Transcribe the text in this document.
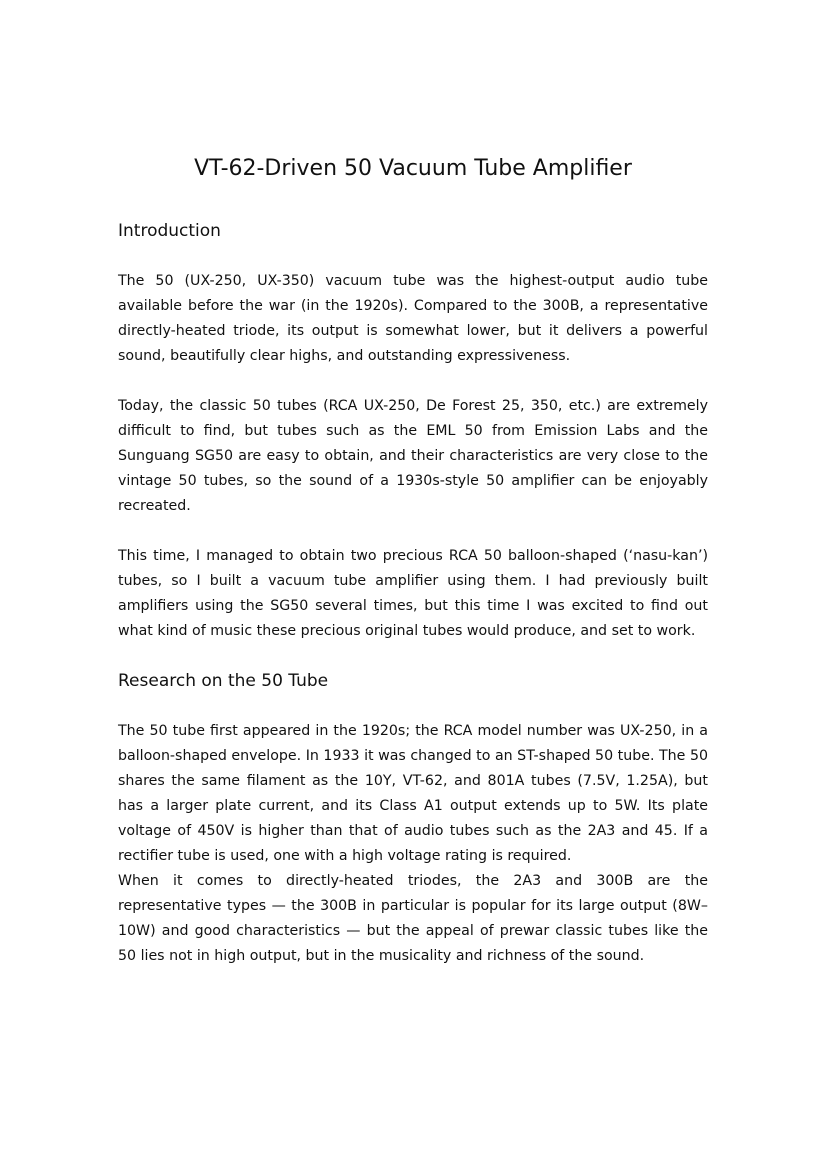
VT-62-Driven 50 Vacuum Tube Amplifier
Introduction

The 50 (UX-250, UX-350) vacuum tube was the highest-output audio tube available before the war (in the 1920s). Compared to the 300B, a representative directly-heated triode, its output is somewhat lower, but it delivers a powerful sound, beautifully clear highs, and outstanding expressiveness.

Today, the classic 50 tubes (RCA UX-250, De Forest 25, 350, etc.) are extremely difficult to find, but tubes such as the EML 50 from Emission Labs and the Sunguang SG50 are easy to obtain, and their characteristics are very close to the vintage 50 tubes, so the sound of a 1930s-style 50 amplifier can be enjoyably recreated.

This time, I managed to obtain two precious RCA 50 balloon-shaped (‘nasu-kan’) tubes, so I built a vacuum tube amplifier using them. I had previously built amplifiers using the SG50 several times, but this time I was excited to find out what kind of music these precious original tubes would produce, and set to work.

Research on the 50 Tube

The 50 tube first appeared in the 1920s; the RCA model number was UX-250, in a balloon-shaped envelope. In 1933 it was changed to an ST-shaped 50 tube. The 50 shares the same filament as the 10Y, VT-62, and 801A tubes (7.5V, 1.25A), but has a larger plate current, and its Class A1 output extends up to 5W. Its plate voltage of 450V is higher than that of audio tubes such as the 2A3 and 45. If a rectifier tube is used, one with a high voltage rating is required.

When it comes to directly-heated triodes, the 2A3 and 300B are the representative types — the 300B in particular is popular for its large output (8W–10W) and good characteristics — but the appeal of prewar classic tubes like the 50 lies not in high output, but in the musicality and richness of the sound.
